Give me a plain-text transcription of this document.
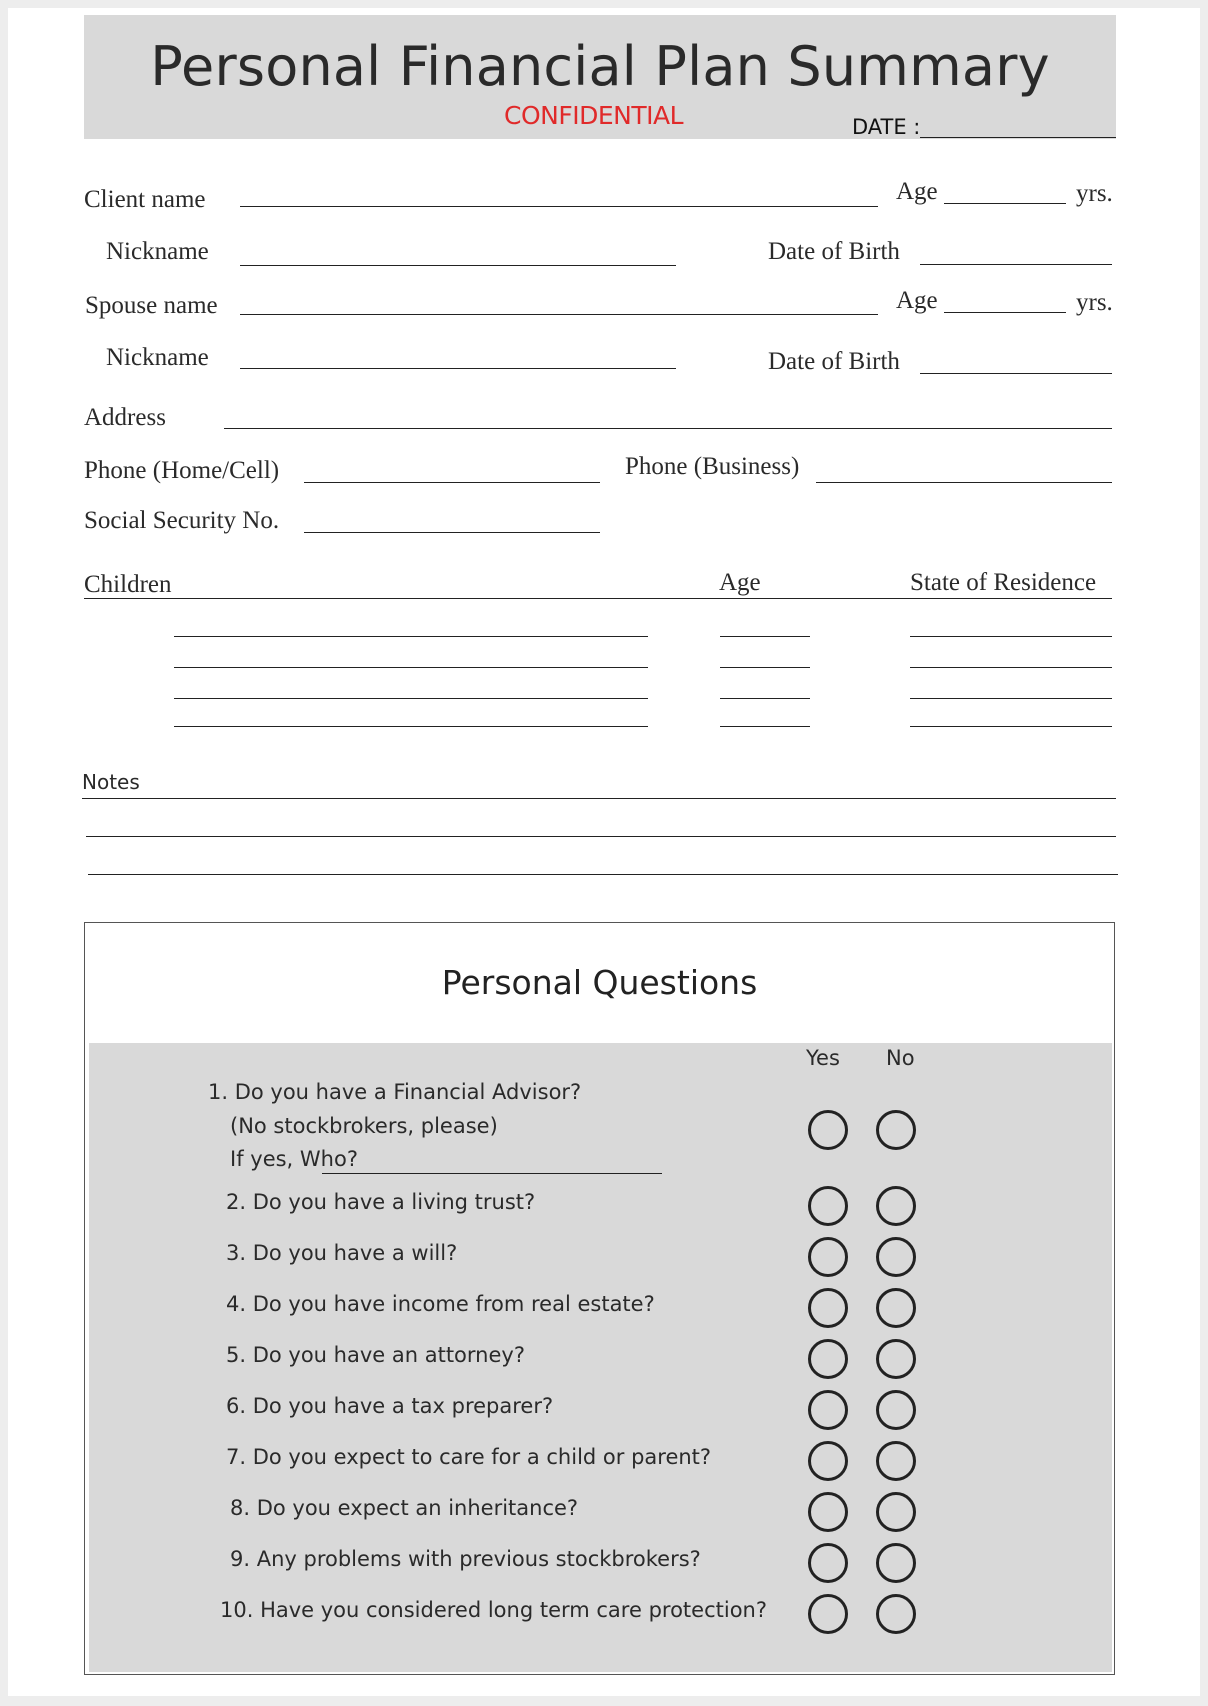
Personal Financial Plan Summary
CONFIDENTIAL	DATE :
Client name	Age	yrs.
Nickname	Date of Birth
Spouse name	Age	yrs.
Nickname	Date of Birth
Address
Phone (Home/Cell)	Phone (Business)
Social Security No.
Children	Age	State of Residence
Notes
Personal Questions
Yes No
1. Do you have a Financial Advisor?
(No stockbrokers, please)
If yes, Who?
2. Do you have a living trust?
3. Do you have a will?
4. Do you have income from real estate?
5. Do you have an attorney?
6. Do you have a tax preparer?
7. Do you expect to care for a child or parent?
8. Do you expect an inheritance?
9. Any problems with previous stockbrokers?
10. Have you considered long term care protection?
